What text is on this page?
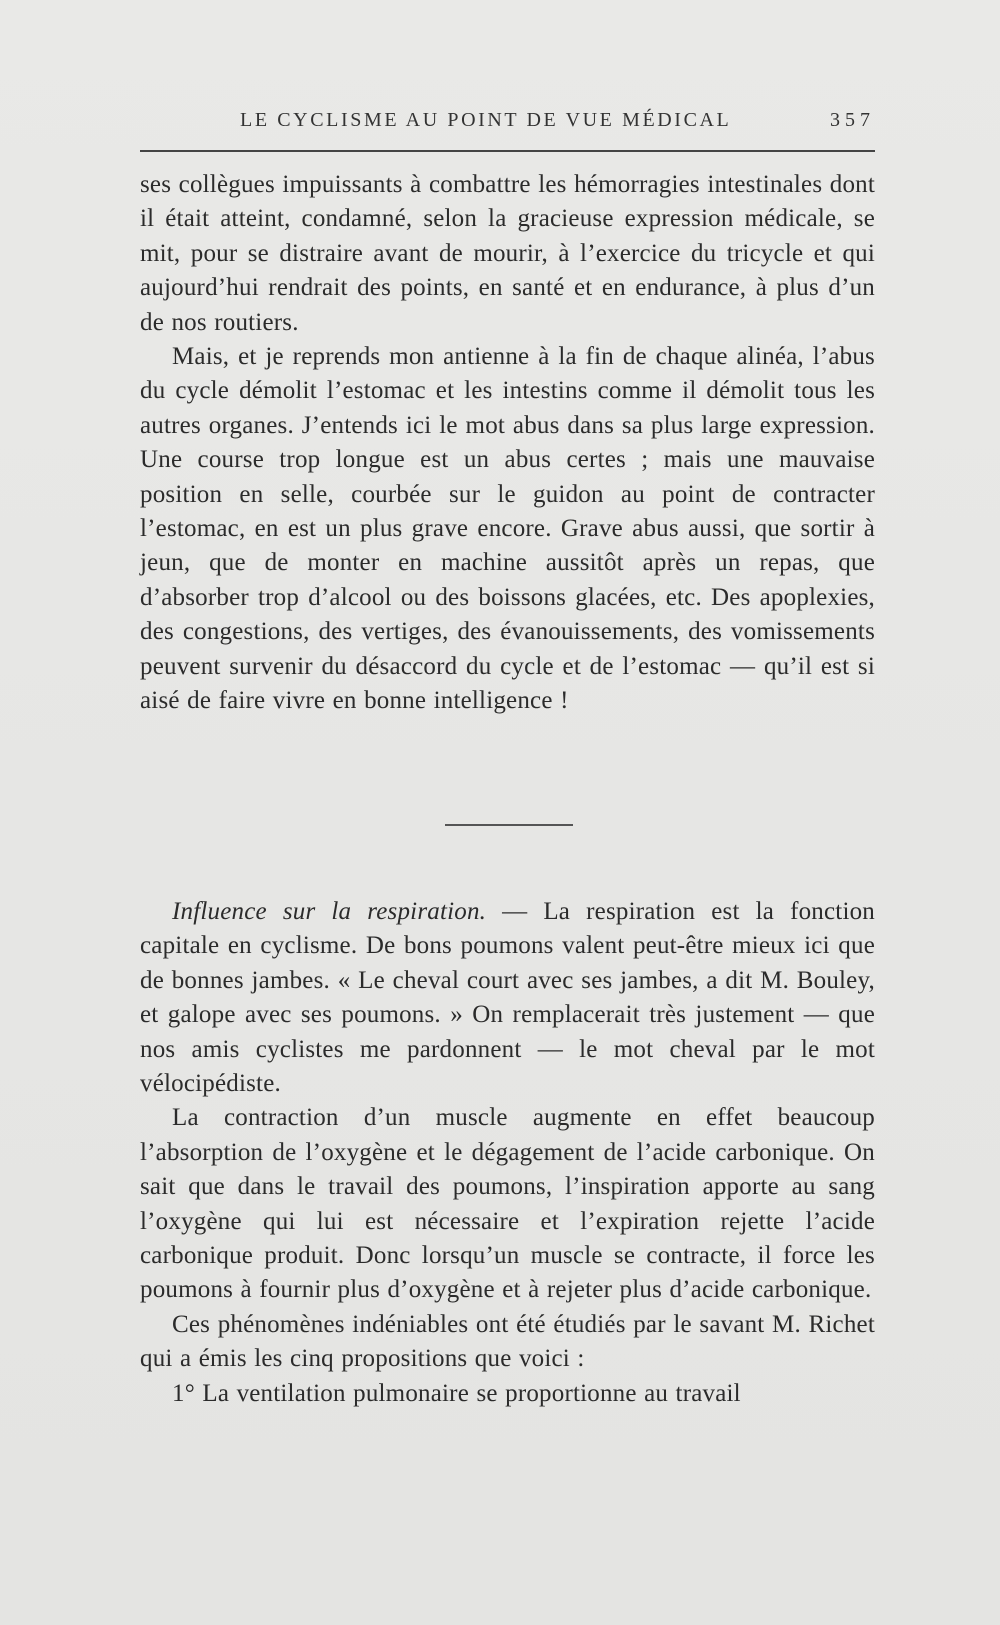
LE CYCLISME AU POINT DE VUE MÉDICAL	357

ses collègues impuissants à combattre les hémorragies intestinales dont il était atteint, condamné, selon la gracieuse expression médicale, se mit, pour se distraire avant de mourir, à l’exercice du tricycle et qui aujourd’hui rendrait des points, en santé et en endurance, à plus d’un de nos routiers.

Mais, et je reprends mon antienne à la fin de chaque alinéa, l’abus du cycle démolit l’estomac et les intestins comme il démolit tous les autres organes. J’entends ici le mot abus dans sa plus large expression. Une course trop longue est un abus certes ; mais une mauvaise position en selle, courbée sur le guidon au point de contracter l’estomac, en est un plus grave encore. Grave abus aussi, que sortir à jeun, que de monter en machine aussitôt après un repas, que d’absorber trop d’alcool ou des boissons glacées, etc. Des apoplexies, des congestions, des vertiges, des évanouissements, des vomissements peuvent survenir du désaccord du cycle et de l’estomac — qu’il est si aisé de faire vivre en bonne intelligence !

Influence sur la respiration. — La respiration est la fonction capitale en cyclisme. De bons poumons valent peut-être mieux ici que de bonnes jambes. « Le cheval court avec ses jambes, a dit M. Bouley, et galope avec ses poumons. » On remplacerait très justement — que nos amis cyclistes me pardonnent — le mot cheval par le mot vélocipédiste.

La contraction d’un muscle augmente en effet beaucoup l’absorption de l’oxygène et le dégagement de l’acide carbonique. On sait que dans le travail des poumons, l’inspiration apporte au sang l’oxygène qui lui est nécessaire et l’expiration rejette l’acide carbonique produit. Donc lorsqu’un muscle se contracte, il force les poumons à fournir plus d’oxygène et à rejeter plus d’acide carbonique.

Ces phénomènes indéniables ont été étudiés par le savant M. Richet qui a émis les cinq propositions que voici :

1° La ventilation pulmonaire se proportionne au travail
